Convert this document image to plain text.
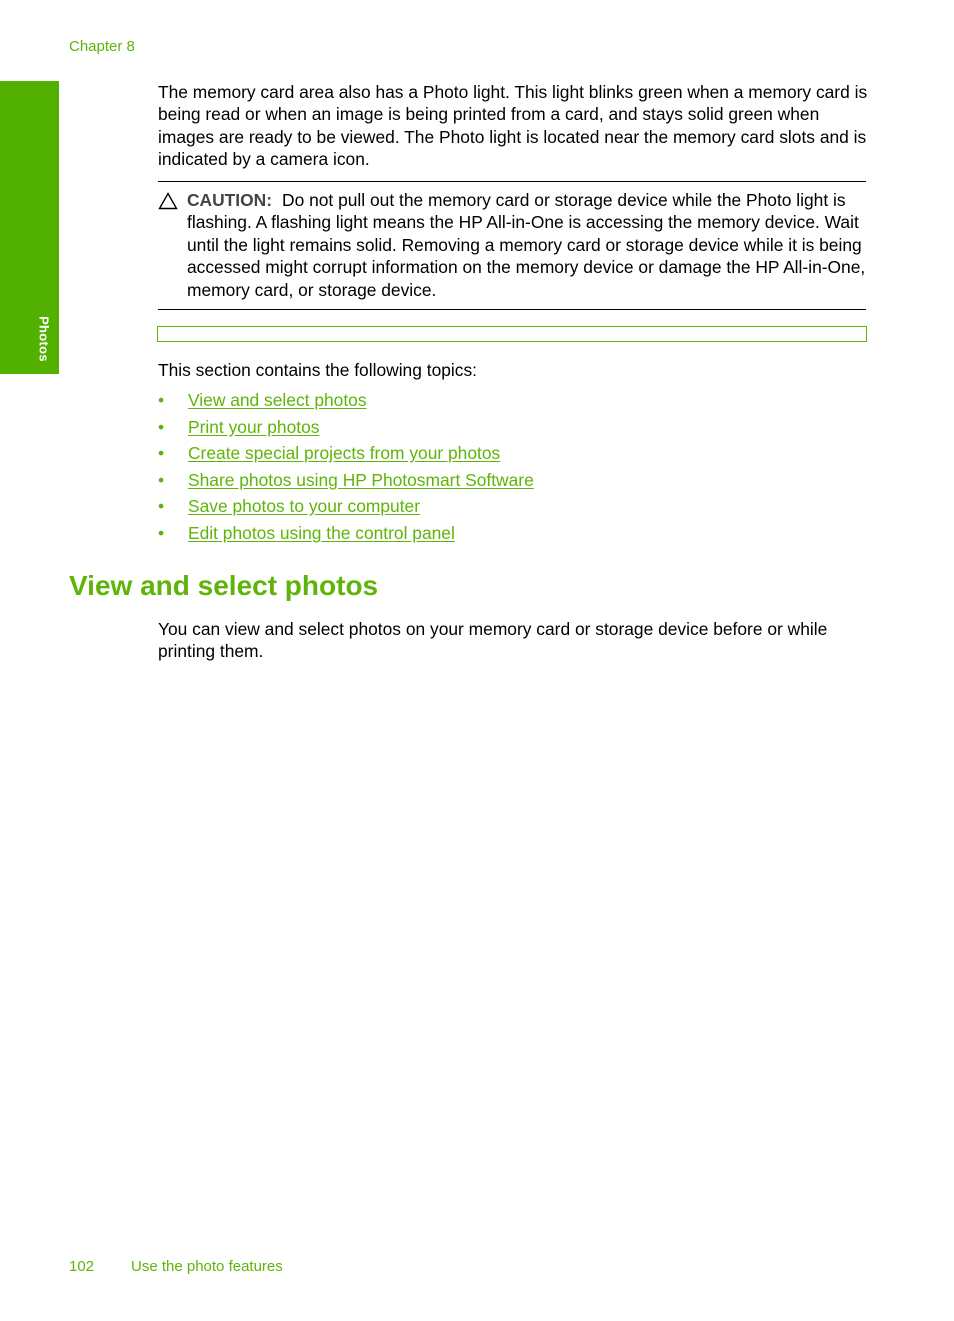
Chapter 8
Photos

The memory card area also has a Photo light. This light blinks green when a memory card is being read or when an image is being printed from a card, and stays solid green when images are ready to be viewed. The Photo light is located near the memory card slots and is indicated by a camera icon.

CAUTION: Do not pull out the memory card or storage device while the Photo light is flashing. A flashing light means the HP All-in-One is accessing the memory device. Wait until the light remains solid. Removing a memory card or storage device while it is being accessed might corrupt information on the memory device or damage the HP All-in-One, memory card, or storage device.

This section contains the following topics:

• View and select photos
• Print your photos
• Create special projects from your photos
• Share photos using HP Photosmart Software
• Save photos to your computer
• Edit photos using the control panel
View and select photos

You can view and select photos on your memory card or storage device before or while printing them.

102 Use the photo features
